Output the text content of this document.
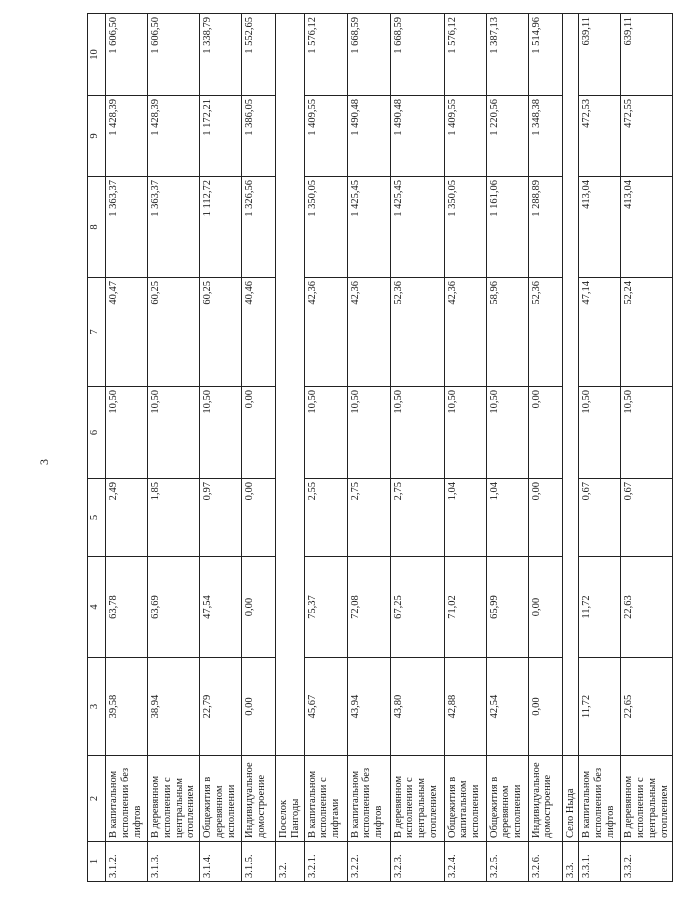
3
1	2	3	4	5	6	7	8	9	10
3.1.2.	В капитальном исполнении без лифтов	39,58	63,78	2,49	10,50	40,47	1 363,37	1 428,39	1 606,50
3.1.3.	В деревянном исполнении с центральным отоплением	38,94	63,69	1,85	10,50	60,25	1 363,37	1 428,39	1 606,50
3.1.4.	Общежития в деревянном исполнении	22,79	47,54	0,97	10,50	60,25	1 112,72	1 172,21	1 338,79
3.1.5.	Индивидуальное домостроение	0,00	0,00	0,00	0,00	40,46	1 326,56	1 386,05	1 552,65
3.2.	Поселок Пангоды								
3.2.1.	В капитальном исполнении с лифтами	45,67	75,37	2,55	10,50	42,36	1 350,05	1 409,55	1 576,12
3.2.2.	В капитальном исполнении без лифтов	43,94	72,08	2,75	10,50	42,36	1 425,45	1 490,48	1 668,59
3.2.3.	В деревянном исполнении с центральным отоплением	43,80	67,25	2,75	10,50	52,36	1 425,45	1 490,48	1 668,59
3.2.4.	Общежития в капитальном исполнении	42,88	71,02	1,04	10,50	42,36	1 350,05	1 409,55	1 576,12
3.2.5.	Общежития в деревянном исполнении	42,54	65,99	1,04	10,50	58,96	1 161,06	1 220,56	1 387,13
3.2.6.	Индивидуальное домостроение	0,00	0,00	0,00	0,00	52,36	1 288,89	1 348,38	1 514,96
3.3.	Село Ныда								
3.3.1.	В капитальном исполнении без лифтов	11,72	11,72	0,67	10,50	47,14	413,04	472,53	639,11
3.3.2.	В деревянном исполнении с центральным отоплением	22,65	22,63	0,67	10,50	52,24	413,04	472,55	639,11
